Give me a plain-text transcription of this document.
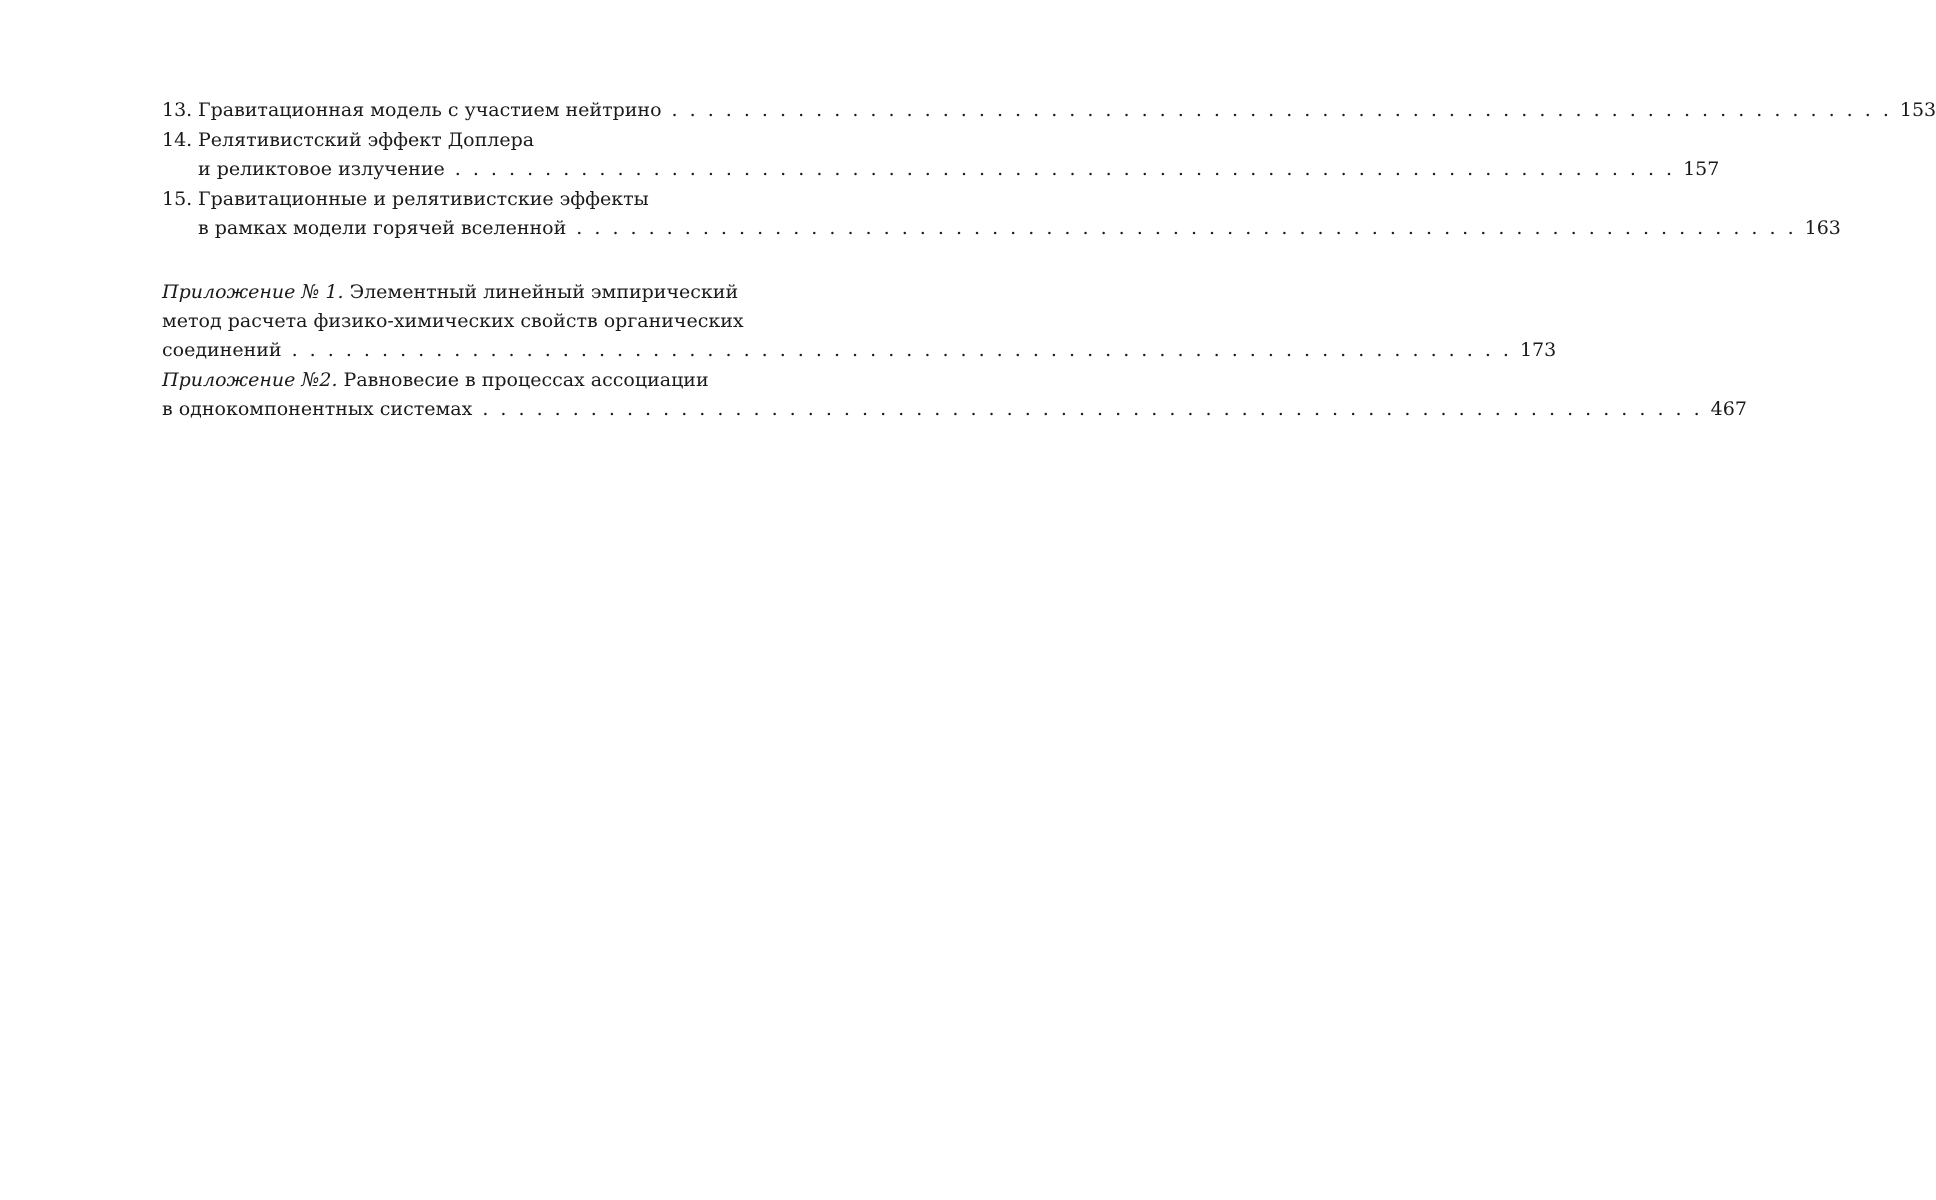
13. Гравитационная модель с участием нейтрино . . . . . . . . . . . . . . . . . . . . . . . . . . . . . . . . . . . . . . . . . . . . . . . . . . . . . . . . . . . . . . . . . . . . 153
14. Релятивистский эффект Доплера
и реликтовое излучение . . . . . . . . . . . . . . . . . . . . . . . . . . . . . . . . . . . . . . . . . . . . . . . . . . . . . . . . . . . . . . . . . . . . 157
15. Гравитационные и релятивистские эффекты
в рамках модели горячей вселенной . . . . . . . . . . . . . . . . . . . . . . . . . . . . . . . . . . . . . . . . . . . . . . . . . . . . . . . . . . . . . . . . . . . . 163
Приложение № 1. Элементный линейный эмпирический
метод расчета физико-химических свойств органических
соединений . . . . . . . . . . . . . . . . . . . . . . . . . . . . . . . . . . . . . . . . . . . . . . . . . . . . . . . . . . . . . . . . . . . . 173
Приложение №2. Равновесие в процессах ассоциации
в однокомпонентных системах . . . . . . . . . . . . . . . . . . . . . . . . . . . . . . . . . . . . . . . . . . . . . . . . . . . . . . . . . . . . . . . . . . . . 467
